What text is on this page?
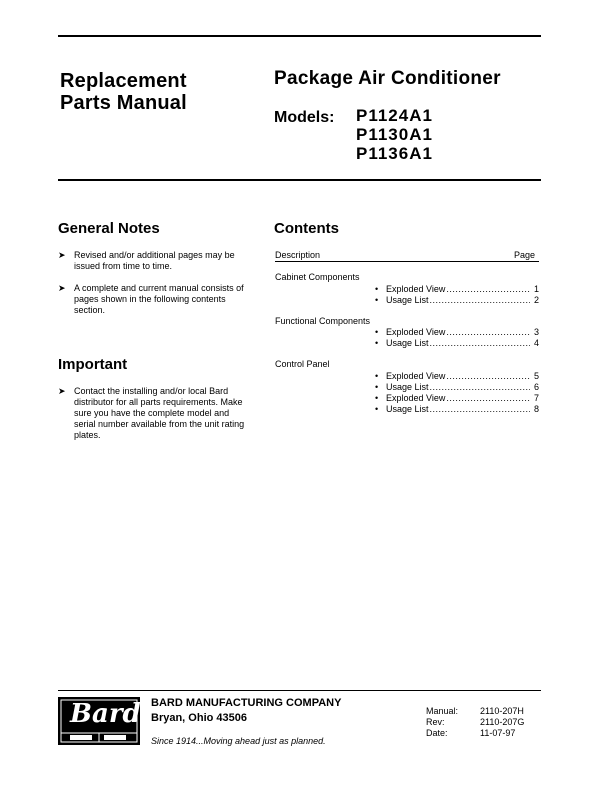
Replacement
Parts Manual
Package Air Conditioner
Models: P1124A1
P1130A1
P1136A1
General Notes
➤ Revised and/or additional pages may be issued from time to time.
➤ A complete and current manual consists of pages shown in the following contents section.
Important
➤ Contact the installing and/or local Bard distributor for all parts requirements. Make sure you have the complete model and serial number available from the unit rating plates.
Contents
Description	Page
Cabinet Components
• Exploded View .....	1
• Usage List .....	2
Functional Components
• Exploded View .....	3
• Usage List .....	4
Control Panel
• Exploded View .....	5
• Usage List .....	6
• Exploded View .....	7
• Usage List .....	8
Bard BARD MANUFACTURING COMPANY
Bryan, Ohio 43506
Since 1914...Moving ahead just as planned.
Manual:	2110-207H
Rev:	2110-207G
Date:	11-07-97
